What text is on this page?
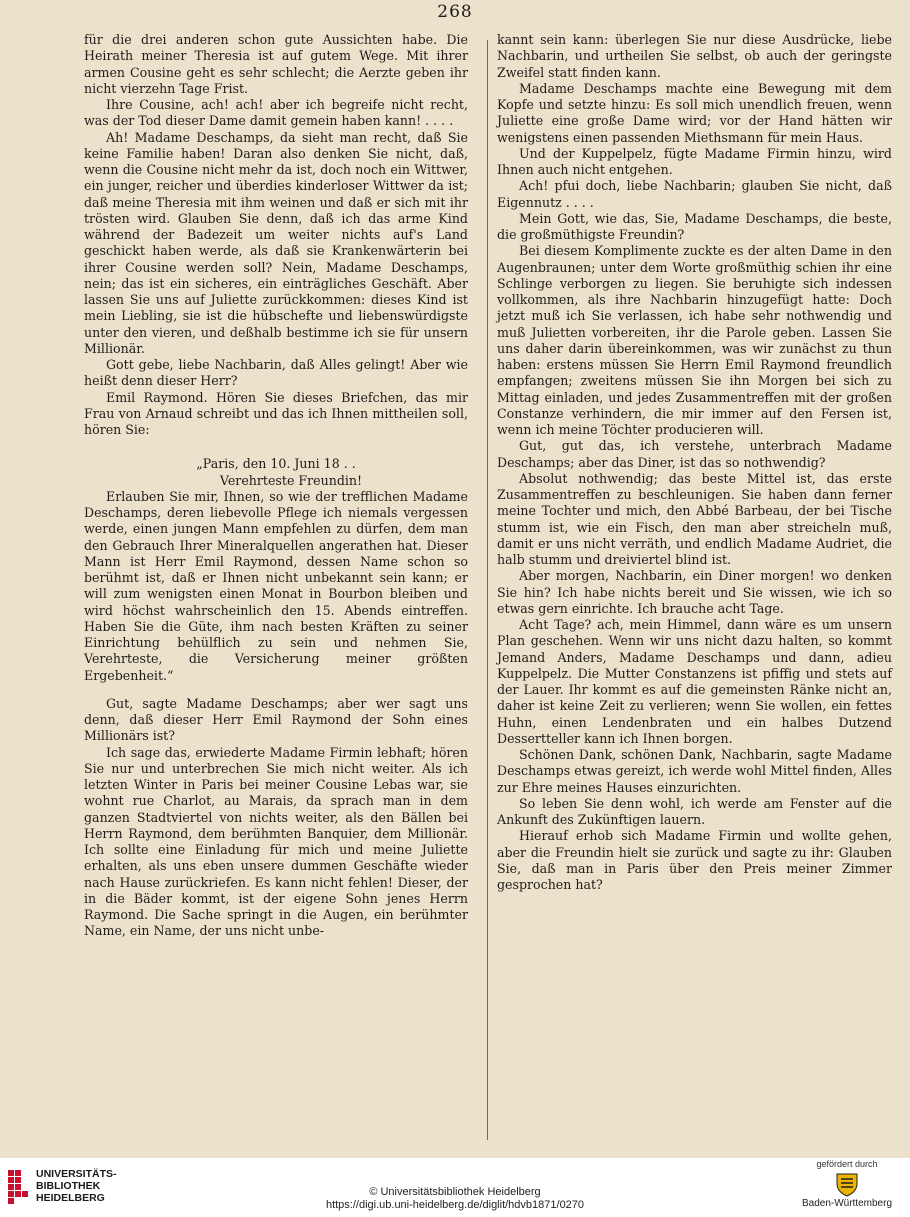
268

für die drei anderen schon gute Aussichten habe. Die Heirath meiner Theresia ist auf gutem Wege. Mit ihrer armen Cousine geht es sehr schlecht; die Aerzte geben ihr nicht vierzehn Tage Frist.

Ihre Cousine, ach! ach! aber ich begreife nicht recht, was der Tod dieser Dame damit gemein haben kann! . . . .

Ah! Madame Deschamps, da sieht man recht, daß Sie keine Familie haben! Daran also denken Sie nicht, daß, wenn die Cousine nicht mehr da ist, doch noch ein Wittwer, ein junger, reicher und überdies kinderloser Wittwer da ist; daß meine Theresia mit ihm weinen und daß er sich mit ihr trösten wird. Glauben Sie denn, daß ich das arme Kind während der Badezeit um weiter nichts auf's Land geschickt haben werde, als daß sie Krankenwärterin bei ihrer Cousine werden soll? Nein, Madame Deschamps, nein; das ist ein sicheres, ein einträgliches Geschäft. Aber lassen Sie uns auf Juliette zurückkommen: dieses Kind ist mein Liebling, sie ist die hübschefte und liebenswürdigste unter den vieren, und deßhalb bestimme ich sie für unsern Millionär.

Gott gebe, liebe Nachbarin, daß Alles gelingt! Aber wie heißt denn dieser Herr?

Emil Raymond. Hören Sie dieses Briefchen, das mir Frau von Arnaud schreibt und das ich Ihnen mittheilen soll, hören Sie:

„Paris, den 10. Juni 18 . .

Verehrteste Freundin!

Erlauben Sie mir, Ihnen, so wie der trefflichen Madame Deschamps, deren liebevolle Pflege ich niemals vergessen werde, einen jungen Mann empfehlen zu dürfen, dem man den Gebrauch Ihrer Mineralquellen angerathen hat. Dieser Mann ist Herr Emil Raymond, dessen Name schon so berühmt ist, daß er Ihnen nicht unbekannt sein kann; er will zum wenigsten einen Monat in Bourbon bleiben und wird höchst wahrscheinlich den 15. Abends eintreffen. Haben Sie die Güte, ihm nach besten Kräften zu seiner Einrichtung behülflich zu sein und nehmen Sie, Verehrteste, die Versicherung meiner größten Ergebenheit.“

Gut, sagte Madame Deschamps; aber wer sagt uns denn, daß dieser Herr Emil Raymond der Sohn eines Millionärs ist?

Ich sage das, erwiederte Madame Firmin lebhaft; hören Sie nur und unterbrechen Sie mich nicht weiter. Als ich letzten Winter in Paris bei meiner Cousine Lebas war, sie wohnt rue Charlot, au Marais, da sprach man in dem ganzen Stadtviertel von nichts weiter, als den Bällen bei Herrn Raymond, dem berühmten Banquier, dem Millionär. Ich sollte eine Einladung für mich und meine Juliette erhalten, als uns eben unsere dummen Geschäfte wieder nach Hause zurückriefen. Es kann nicht fehlen! Dieser, der in die Bäder kommt, ist der eigene Sohn jenes Herrn Raymond. Die Sache springt in die Augen, ein berühmter Name, ein Name, der uns nicht unbe-

kannt sein kann: überlegen Sie nur diese Ausdrücke, liebe Nachbarin, und urtheilen Sie selbst, ob auch der geringste Zweifel statt finden kann.

Madame Deschamps machte eine Bewegung mit dem Kopfe und setzte hinzu: Es soll mich unendlich freuen, wenn Juliette eine große Dame wird; vor der Hand hätten wir wenigstens einen passenden Miethsmann für mein Haus.

Und der Kuppelpelz, fügte Madame Firmin hinzu, wird Ihnen auch nicht entgehen.

Ach! pfui doch, liebe Nachbarin; glauben Sie nicht, daß Eigennutz . . . .

Mein Gott, wie das, Sie, Madame Deschamps, die beste, die großmüthigste Freundin?

Bei diesem Komplimente zuckte es der alten Dame in den Augenbraunen; unter dem Worte großmüthig schien ihr eine Schlinge verborgen zu liegen. Sie beruhigte sich indessen vollkommen, als ihre Nachbarin hinzugefügt hatte: Doch jetzt muß ich Sie verlassen, ich habe sehr nothwendig und muß Julietten vorbereiten, ihr die Parole geben. Lassen Sie uns daher darin übereinkommen, was wir zunächst zu thun haben: erstens müssen Sie Herrn Emil Raymond freundlich empfangen; zweitens müssen Sie ihn Morgen bei sich zu Mittag einladen, und jedes Zusammentreffen mit der großen Constanze verhindern, die mir immer auf den Fersen ist, wenn ich meine Töchter producieren will.

Gut, gut das, ich verstehe, unterbrach Madame Deschamps; aber das Diner, ist das so nothwendig?

Absolut nothwendig; das beste Mittel ist, das erste Zusammentreffen zu beschleunigen. Sie haben dann ferner meine Tochter und mich, den Abbé Barbeau, der bei Tische stumm ist, wie ein Fisch, den man aber streicheln muß, damit er uns nicht verräth, und endlich Madame Audriet, die halb stumm und dreiviertel blind ist.

Aber morgen, Nachbarin, ein Diner morgen! wo denken Sie hin? Ich habe nichts bereit und Sie wissen, wie ich so etwas gern einrichte. Ich brauche acht Tage.

Acht Tage? ach, mein Himmel, dann wäre es um unsern Plan geschehen. Wenn wir uns nicht dazu halten, so kommt Jemand Anders, Madame Deschamps und dann, adieu Kuppelpelz. Die Mutter Constanzens ist pfiffig und stets auf der Lauer. Ihr kommt es auf die gemeinsten Ränke nicht an, daher ist keine Zeit zu verlieren; wenn Sie wollen, ein fettes Huhn, einen Lendenbraten und ein halbes Dutzend Dessertteller kann ich Ihnen borgen.

Schönen Dank, schönen Dank, Nachbarin, sagte Madame Deschamps etwas gereizt, ich werde wohl Mittel finden, Alles zur Ehre meines Hauses einzurichten.

So leben Sie denn wohl, ich werde am Fenster auf die Ankunft des Zukünftigen lauern.

Hierauf erhob sich Madame Firmin und wollte gehen, aber die Freundin hielt sie zurück und sagte zu ihr: Glauben Sie, daß man in Paris über den Preis meiner Zimmer gesprochen hat?

UNIVERSITÄTS-
BIBLIOTHEK
HEIDELBERG	© Universitätsbibliothek Heidelberg
https://digi.ub.uni-heidelberg.de/diglit/hdvb1871/0270
gefördert durch
Baden-Württemberg
